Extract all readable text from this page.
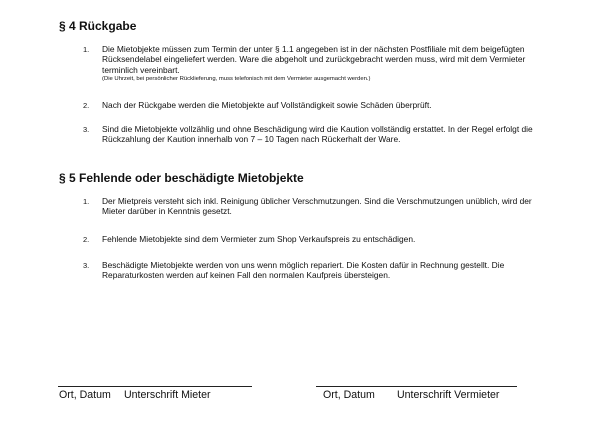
§ 4 Rückgabe
1.	Die Mietobjekte müssen zum Termin der unter § 1.1 angegeben ist in der nächsten Postfiliale mit dem beigefügten Rücksendelabel eingeliefert werden. Ware die abgeholt und zurückgebracht werden muss, wird mit dem Vermieter terminlich vereinbart.
(Die Uhrzeit, bei persönlicher Rücklieferung, muss telefonisch mit dem Vermieter ausgemacht werden.)
2.	Nach der Rückgabe werden die Mietobjekte auf Vollständigkeit sowie Schäden überprüft.
3.	Sind die Mietobjekte vollzählig und ohne Beschädigung wird die Kaution vollständig erstattet. In der Regel erfolgt die Rückzahlung der Kaution innerhalb von 7 – 10 Tagen nach Rückerhalt der Ware.
§ 5 Fehlende oder beschädigte Mietobjekte
1.	Der Mietpreis versteht sich inkl. Reinigung üblicher Verschmutzungen. Sind die Verschmutzungen unüblich, wird der Mieter darüber in Kenntnis gesetzt.
2.	Fehlende Mietobjekte sind dem Vermieter zum Shop Verkaufspreis zu entschädigen.
3.	Beschädigte Mietobjekte werden von uns wenn möglich repariert. Die Kosten dafür in Rechnung gestellt. Die Reparaturkosten werden auf keinen Fall den normalen Kaufpreis übersteigen.
Ort, Datum Unterschrift Mieter	Ort, Datum Unterschrift Vermieter
